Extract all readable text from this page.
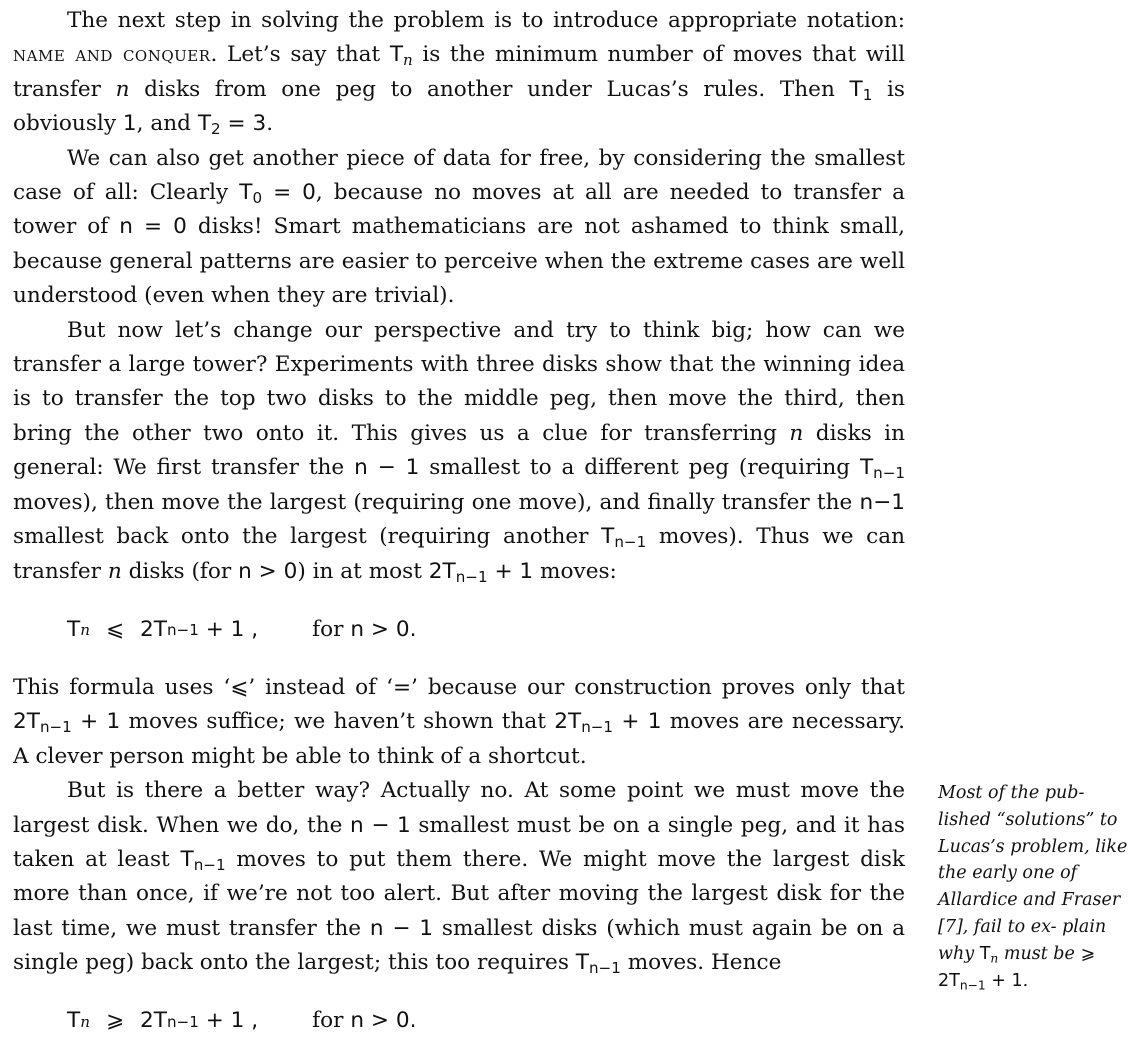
The next step in solving the problem is to introduce appropriate notation: name and conquer. Let’s say that $T_n$ is the minimum number of moves that will transfer n disks from one peg to another under Lucas’s rules. Then $T_1$ is obviously 1, and $T_2 = 3$.

We can also get another piece of data for free, by considering the smallest case of all: Clearly $T_0 = 0$, because no moves at all are needed to transfer a tower of n = 0 disks! Smart mathematicians are not ashamed to think small, because general patterns are easier to perceive when the extreme cases are well understood (even when they are trivial).

But now let’s change our perspective and try to think big; how can we transfer a large tower? Experiments with three disks show that the winning idea is to transfer the top two disks to the middle peg, then move the third, then bring the other two onto it. This gives us a clue for transferring n disks in general: We first transfer the n − 1 smallest to a different peg (requiring $T_{n-1}$ moves), then move the largest (requiring one move), and finally transfer the n−1 smallest back onto the largest (requiring another $T_{n-1}$ moves). Thus we can transfer n disks (for n > 0) in at most $2T_{n-1} + 1$ moves:

T n ⩽ 2T n−1
+ 1 ,	for n > 0.

This formula uses ‘⩽’ instead of ‘=’ because our construction proves only that $2T_{n-1} + 1$ moves suffice; we haven’t shown that $2T_{n-1} + 1$ moves are necessary. A clever person might be able to think of a shortcut.

But is there a better way? Actually no. At some point we must move the largest disk. When we do, the n − 1 smallest must be on a single peg, and it has taken at least $T_{n-1}$ moves to put them there. We might move the largest disk more than once, if we’re not too alert. But after moving the largest disk for the last time, we must transfer the n − 1 smallest disks (which must again be on a single peg) back onto the largest; this too requires $T_{n-1}$ moves. Hence

T n ⩾ 2T n−1
+ 1 ,	for n > 0.
Most of the pub- lished “solutions” to Lucas’s problem, like the early one of Allardice and Fraser [7], fail to ex- plain why $T_n$ must be ⩾ $2T_{n-1} + 1$.
